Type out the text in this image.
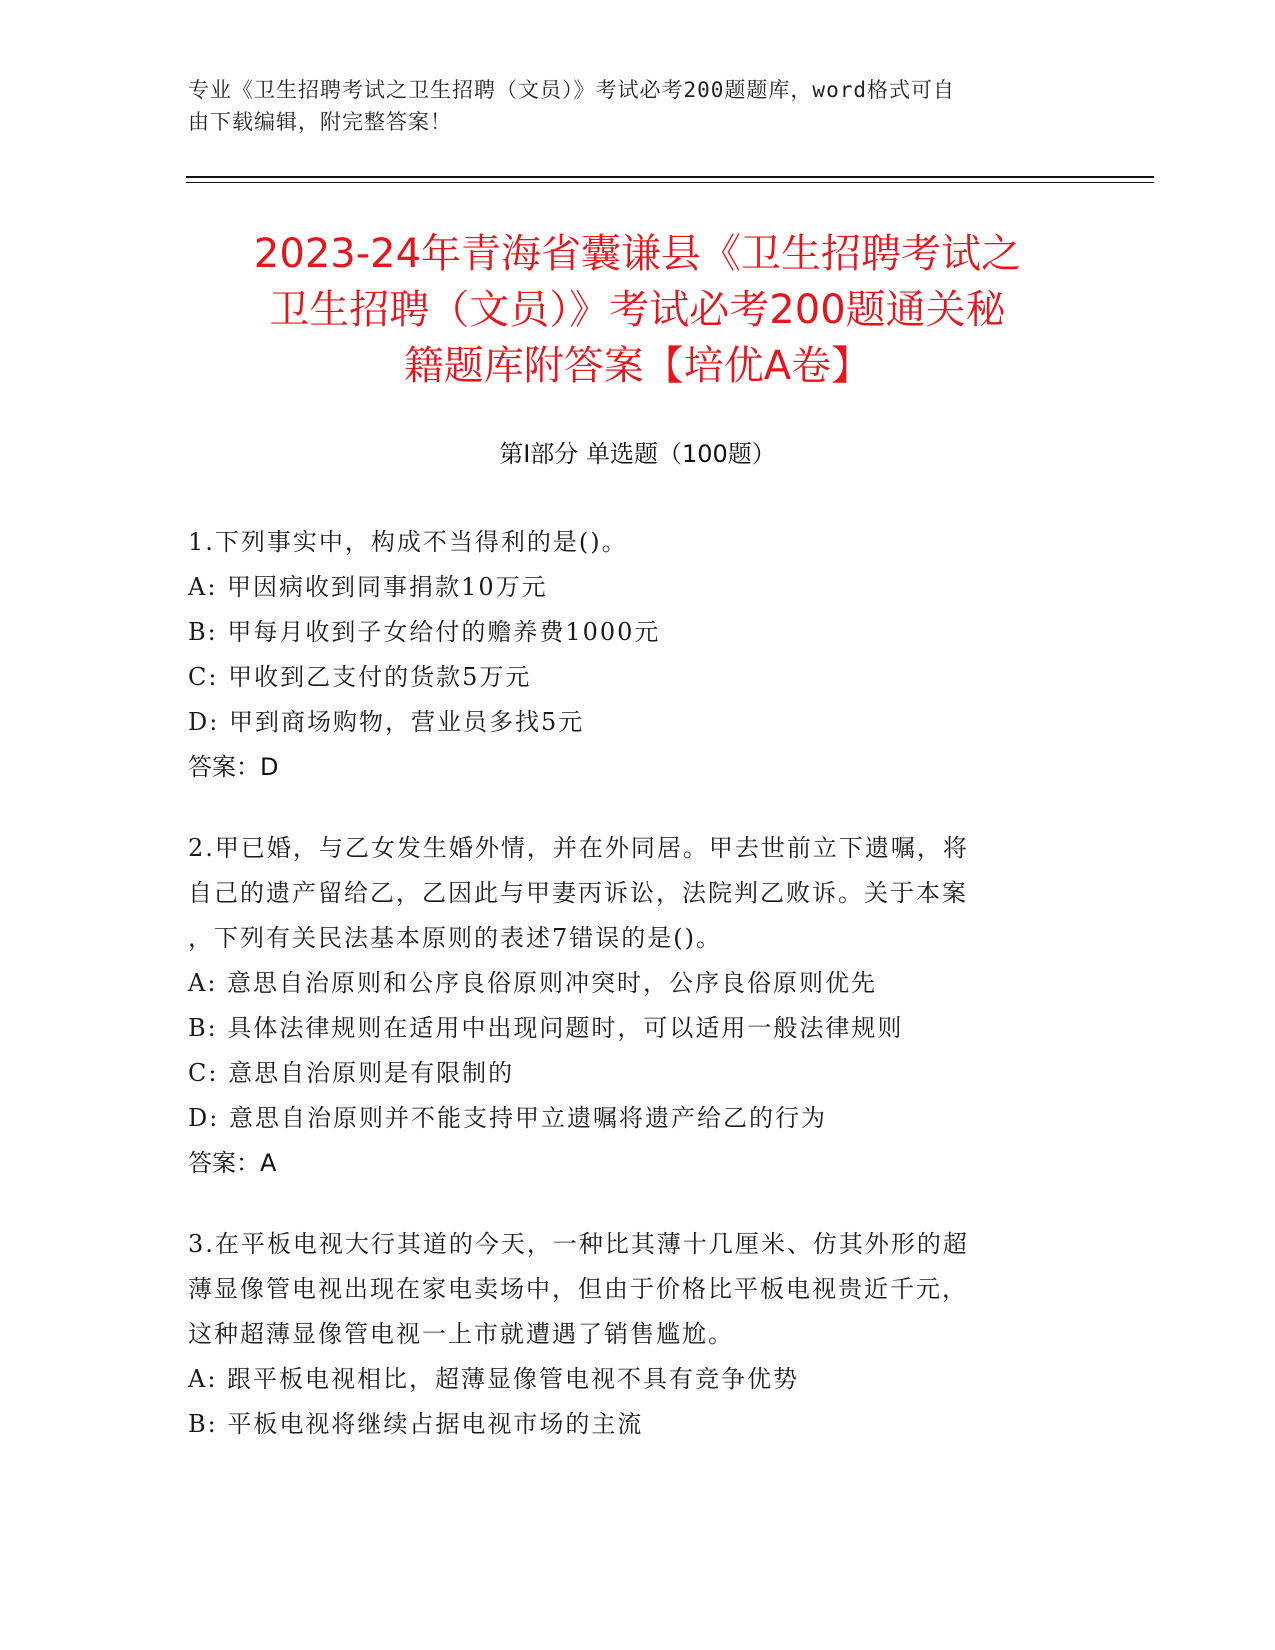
专业《卫生招聘考试之卫生招聘（文员）》考试必考200题题库，word格式可自
由下载编辑，附完整答案！
2023-24年青海省囊谦县《卫生招聘考试之
卫生招聘（文员）》考试必考200题通关秘
籍题库附答案【培优A卷】
第Ⅰ部分 单选题（100题）
1.下列事实中，构成不当得利的是()。
A: 甲因病收到同事捐款10万元
B: 甲每月收到子女给付的赡养费1000元
C: 甲收到乙支付的货款5万元
D: 甲到商场购物，营业员多找5元
答案：D
2.甲已婚，与乙女发生婚外情，并在外同居。甲去世前立下遗嘱，将
自己的遗产留给乙，乙因此与甲妻丙诉讼，法院判乙败诉。关于本案
，下列有关民法基本原则的表述7错误的是()。
A: 意思自治原则和公序良俗原则冲突时，公序良俗原则优先
B: 具体法律规则在适用中出现问题时，可以适用一般法律规则
C: 意思自治原则是有限制的
D: 意思自治原则并不能支持甲立遗嘱将遗产给乙的行为
答案：A
3.在平板电视大行其道的今天，一种比其薄十几厘米、仿其外形的超
薄显像管电视出现在家电卖场中，但由于价格比平板电视贵近千元，
这种超薄显像管电视一上市就遭遇了销售尴尬。
A: 跟平板电视相比，超薄显像管电视不具有竞争优势
B: 平板电视将继续占据电视市场的主流
